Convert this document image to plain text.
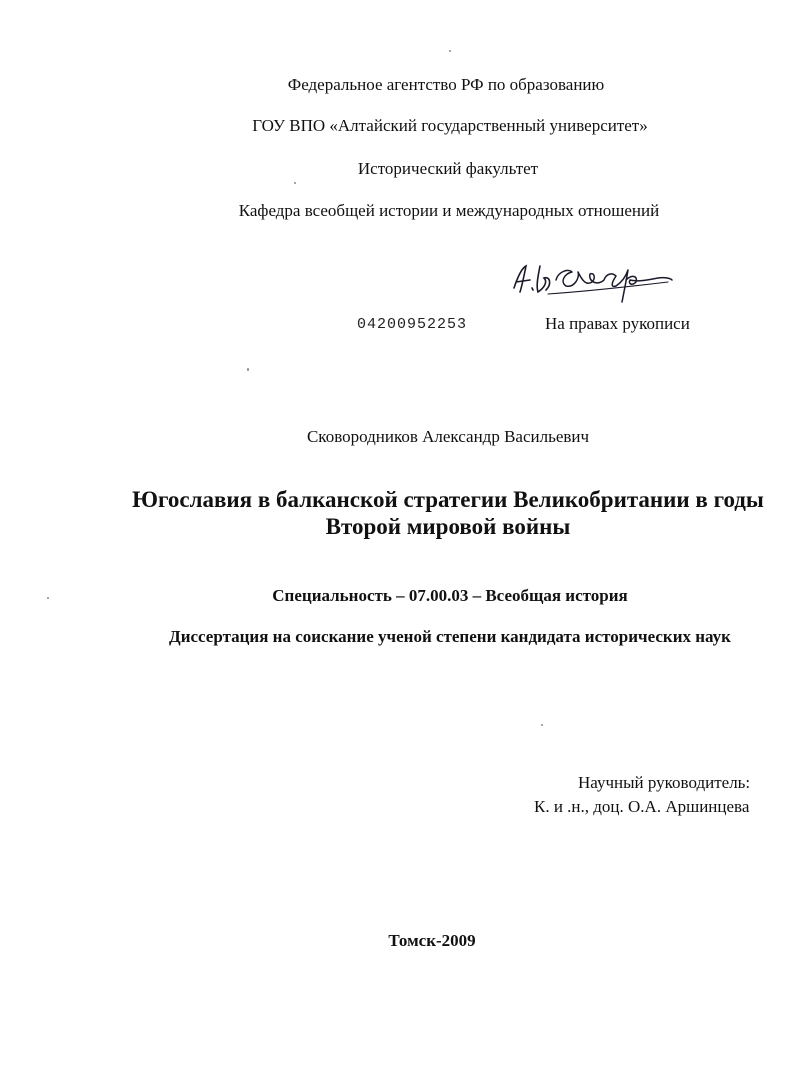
Федеральное агентство РФ по образованию
ГОУ ВПО «Алтайский государственный университет»
Исторический факультет
Кафедра всеобщей истории и международных отношений
04200952253	На правах рукописи
Сковородников Александр Васильевич
Югославия в балканской стратегии Великобритании в годы
Второй мировой войны
Специальность – 07.00.03 – Всеобщая история
Диссертация на соискание ученой степени кандидата исторических наук
Научный руководитель:
К. и .н., доц. О.А. Аршинцева
Томск-2009
